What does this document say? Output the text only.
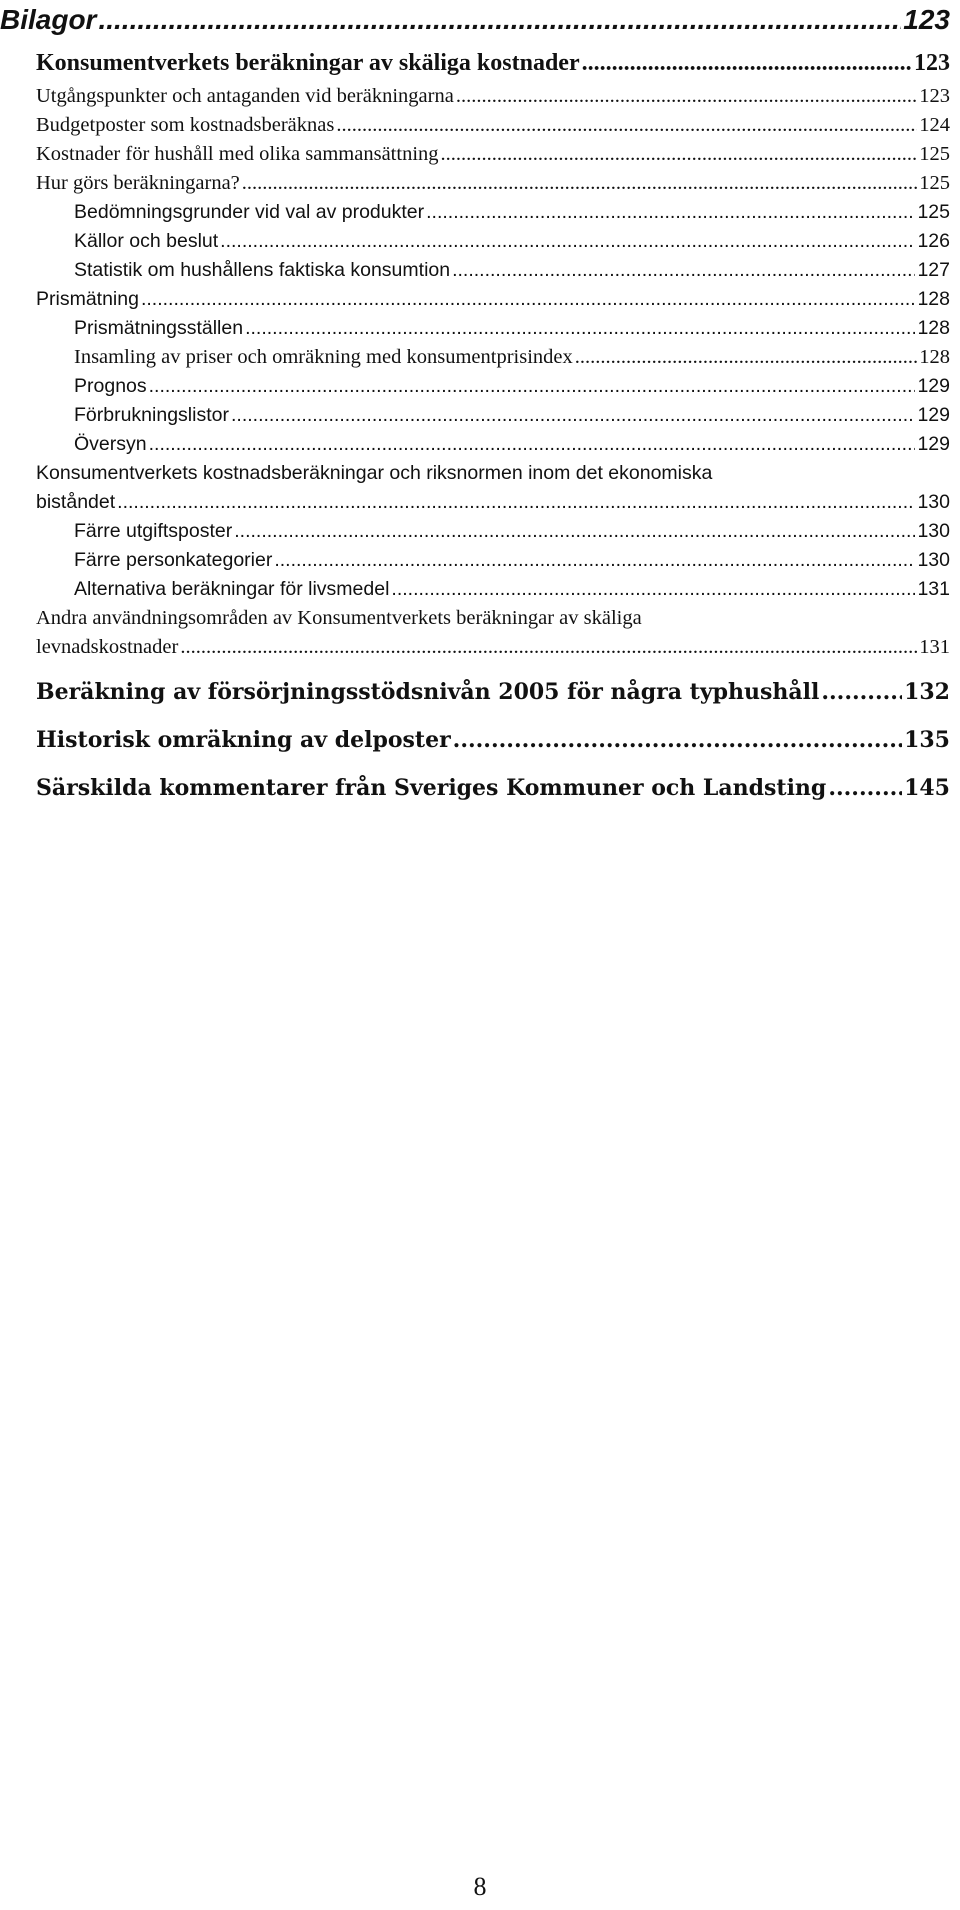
Bilagor .....	123
Konsumentverkets beräkningar av skäliga kostnader .....	123
Utgångspunkter och antaganden vid beräkningarna .....	123
Budgetposter som kostnadsberäknas .....	124
Kostnader för hushåll med olika sammansättning .....	125
Hur görs beräkningarna? .....	125
Bedömningsgrunder vid val av produkter .....	125
Källor och beslut .....	126
Statistik om hushållens faktiska konsumtion .....	127
Prismätning .....	128
Prismätningsställen .....	128
Insamling av priser och omräkning med konsumentprisindex .....	128
Prognos .....	129
Förbrukningslistor .....	129
Översyn .....	129
Konsumentverkets kostnadsberäkningar och riksnormen inom det ekonomiska
biståndet .....	130
Färre utgiftsposter .....	130
Färre personkategorier .....	130
Alternativa beräkningar för livsmedel .....	131
Andra användningsområden av Konsumentverkets beräkningar av skäliga
levnadskostnader .....	131
Beräkning av försörjningsstödsnivån 2005 för några typhushåll .....	132
Historisk omräkning av delposter .....	135
Särskilda kommentarer från Sveriges Kommuner och Landsting .....	145
8
